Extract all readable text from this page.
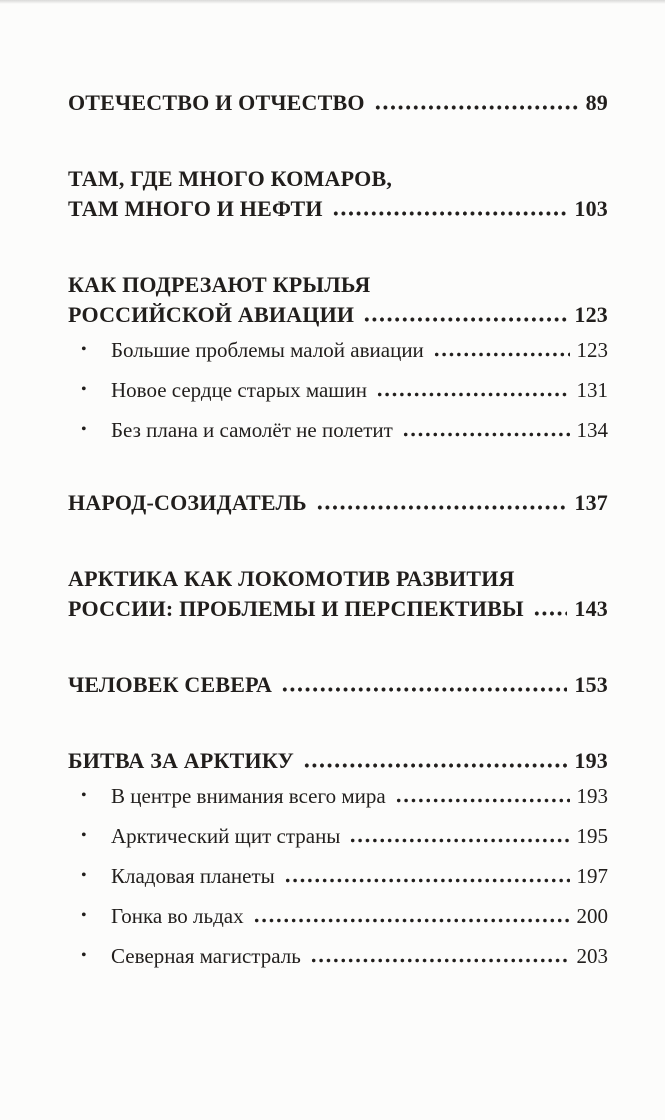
ОТЕЧЕСТВО И ОТЧЕСТВО	89
ТАМ, ГДЕ МНОГО КОМАРОВ,
ТАМ МНОГО И НЕФТИ	103
КАК ПОДРЕЗАЮТ КРЫЛЬЯ
РОССИЙСКОЙ АВИАЦИИ	123
•	Большие проблемы малой авиации	123
•	Новое сердце старых машин	131
•	Без плана и самолёт не полетит	134
НАРОД-СОЗИДАТЕЛЬ	137
АРКТИКА КАК ЛОКОМОТИВ РАЗВИТИЯ
РОССИИ: ПРОБЛЕМЫ И ПЕРСПЕКТИВЫ 143
ЧЕЛОВЕК СЕВЕРА	153
БИТВА ЗА АРКТИКУ	193
•	В центре внимания всего мира	193
•	Арктический щит страны	195
•	Кладовая планеты	197
•	Гонка во льдах	200
•	Северная магистраль	203
